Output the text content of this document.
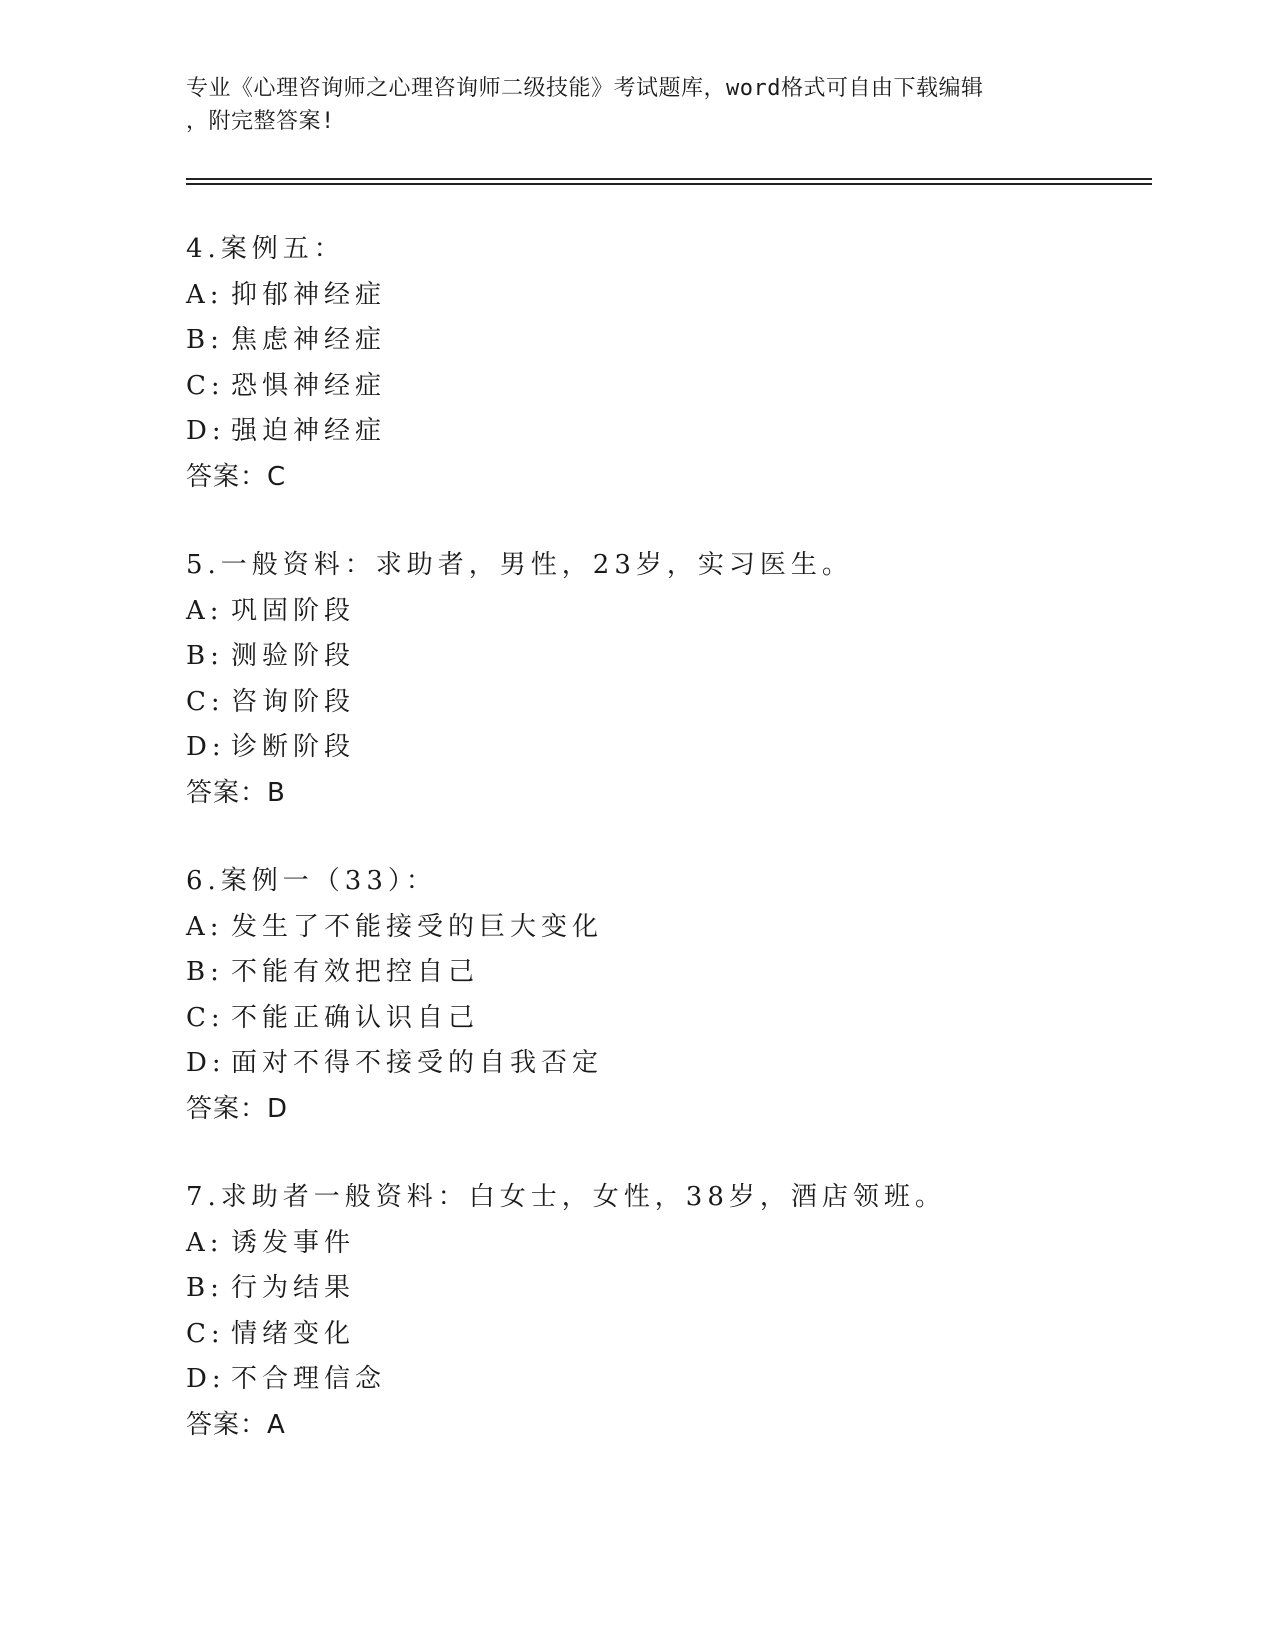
专业《心理咨询师之心理咨询师二级技能》考试题库，word格式可自由下载编辑
，附完整答案!
4.案例五：
A: 抑郁神经症
B: 焦虑神经症
C: 恐惧神经症
D: 强迫神经症
答案：C
5.一般资料：求助者，男性，23岁，实习医生。
A: 巩固阶段
B: 测验阶段
C: 咨询阶段
D: 诊断阶段
答案：B
6.案例一（33）：
A: 发生了不能接受的巨大变化
B: 不能有效把控自己
C: 不能正确认识自己
D: 面对不得不接受的自我否定
答案：D
7.求助者一般资料：白女士，女性，38岁，酒店领班。
A: 诱发事件
B: 行为结果
C: 情绪变化
D: 不合理信念
答案：A
